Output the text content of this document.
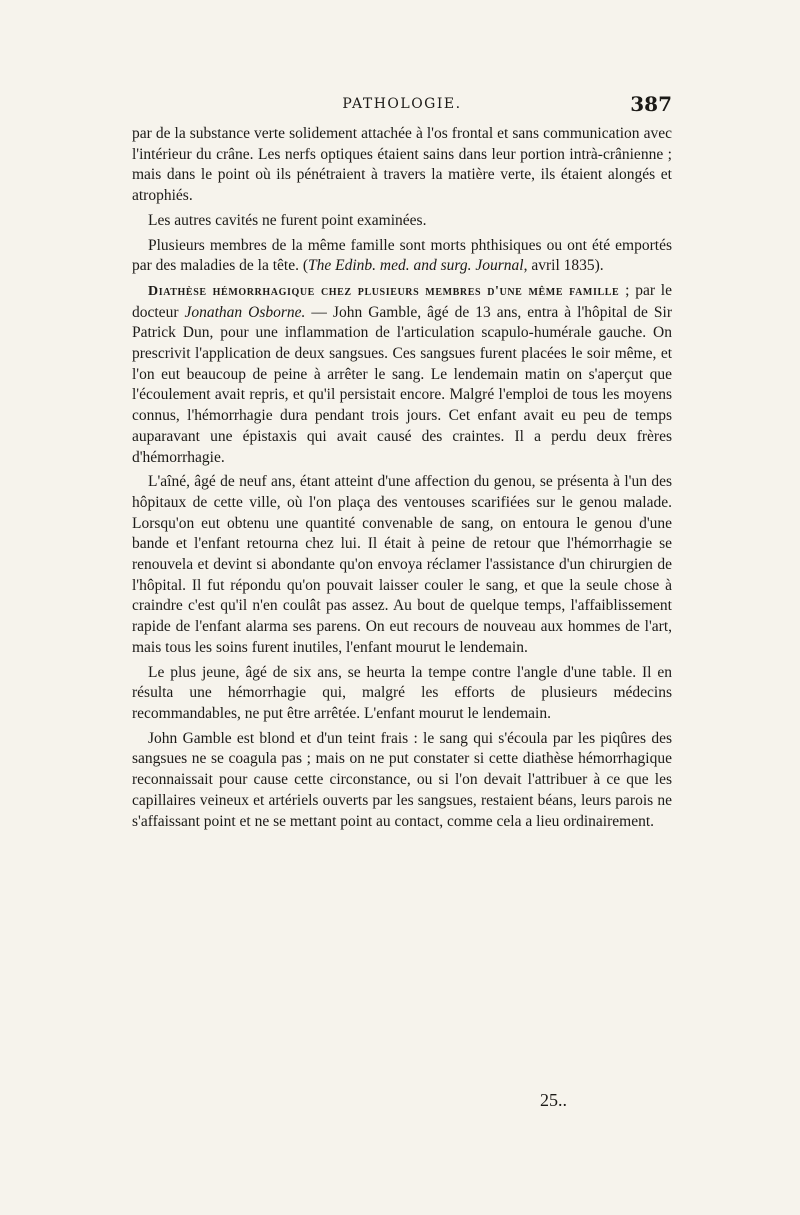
PATHOLOGIE.	387

par de la substance verte solidement attachée à l'os frontal et sans communication avec l'intérieur du crâne. Les nerfs optiques étaient sains dans leur portion intrà-crânienne ; mais dans le point où ils pénétraient à travers la matière verte, ils étaient alongés et atrophiés.

Les autres cavités ne furent point examinées.

Plusieurs membres de la même famille sont morts phthisiques ou ont été emportés par des maladies de la tête. (The Edinb. med. and surg. Journal, avril 1835).

Diathèse hémorrhagique chez plusieurs membres d'une même famille ; par le docteur Jonathan Osborne. — John Gamble, âgé de 13 ans, entra à l'hôpital de Sir Patrick Dun, pour une inflammation de l'articulation scapulo-humérale gauche. On prescrivit l'application de deux sangsues. Ces sangsues furent placées le soir même, et l'on eut beaucoup de peine à arrêter le sang. Le lendemain matin on s'aperçut que l'écoulement avait repris, et qu'il persistait encore. Malgré l'emploi de tous les moyens connus, l'hémorrhagie dura pendant trois jours. Cet enfant avait eu peu de temps auparavant une épistaxis qui avait causé des craintes. Il a perdu deux frères d'hémorrhagie.

L'aîné, âgé de neuf ans, étant atteint d'une affection du genou, se présenta à l'un des hôpitaux de cette ville, où l'on plaça des ventouses scarifiées sur le genou malade. Lorsqu'on eut obtenu une quantité convenable de sang, on entoura le genou d'une bande et l'enfant retourna chez lui. Il était à peine de retour que l'hémorrhagie se renouvela et devint si abondante qu'on envoya réclamer l'assistance d'un chirurgien de l'hôpital. Il fut répondu qu'on pouvait laisser couler le sang, et que la seule chose à craindre c'est qu'il n'en coulât pas assez. Au bout de quelque temps, l'affaiblissement rapide de l'enfant alarma ses parens. On eut recours de nouveau aux hommes de l'art, mais tous les soins furent inutiles, l'enfant mourut le lendemain.

Le plus jeune, âgé de six ans, se heurta la tempe contre l'angle d'une table. Il en résulta une hémorrhagie qui, malgré les efforts de plusieurs médecins recommandables, ne put être arrêtée. L'enfant mourut le lendemain.

John Gamble est blond et d'un teint frais : le sang qui s'écoula par les piqûres des sangsues ne se coagula pas ; mais on ne put constater si cette diathèse hémorrhagique reconnaissait pour cause cette circonstance, ou si l'on devait l'attribuer à ce que les capillaires veineux et artériels ouverts par les sangsues, restaient béans, leurs parois ne s'affaissant point et ne se mettant point au contact, comme cela a lieu ordinairement.

25..
